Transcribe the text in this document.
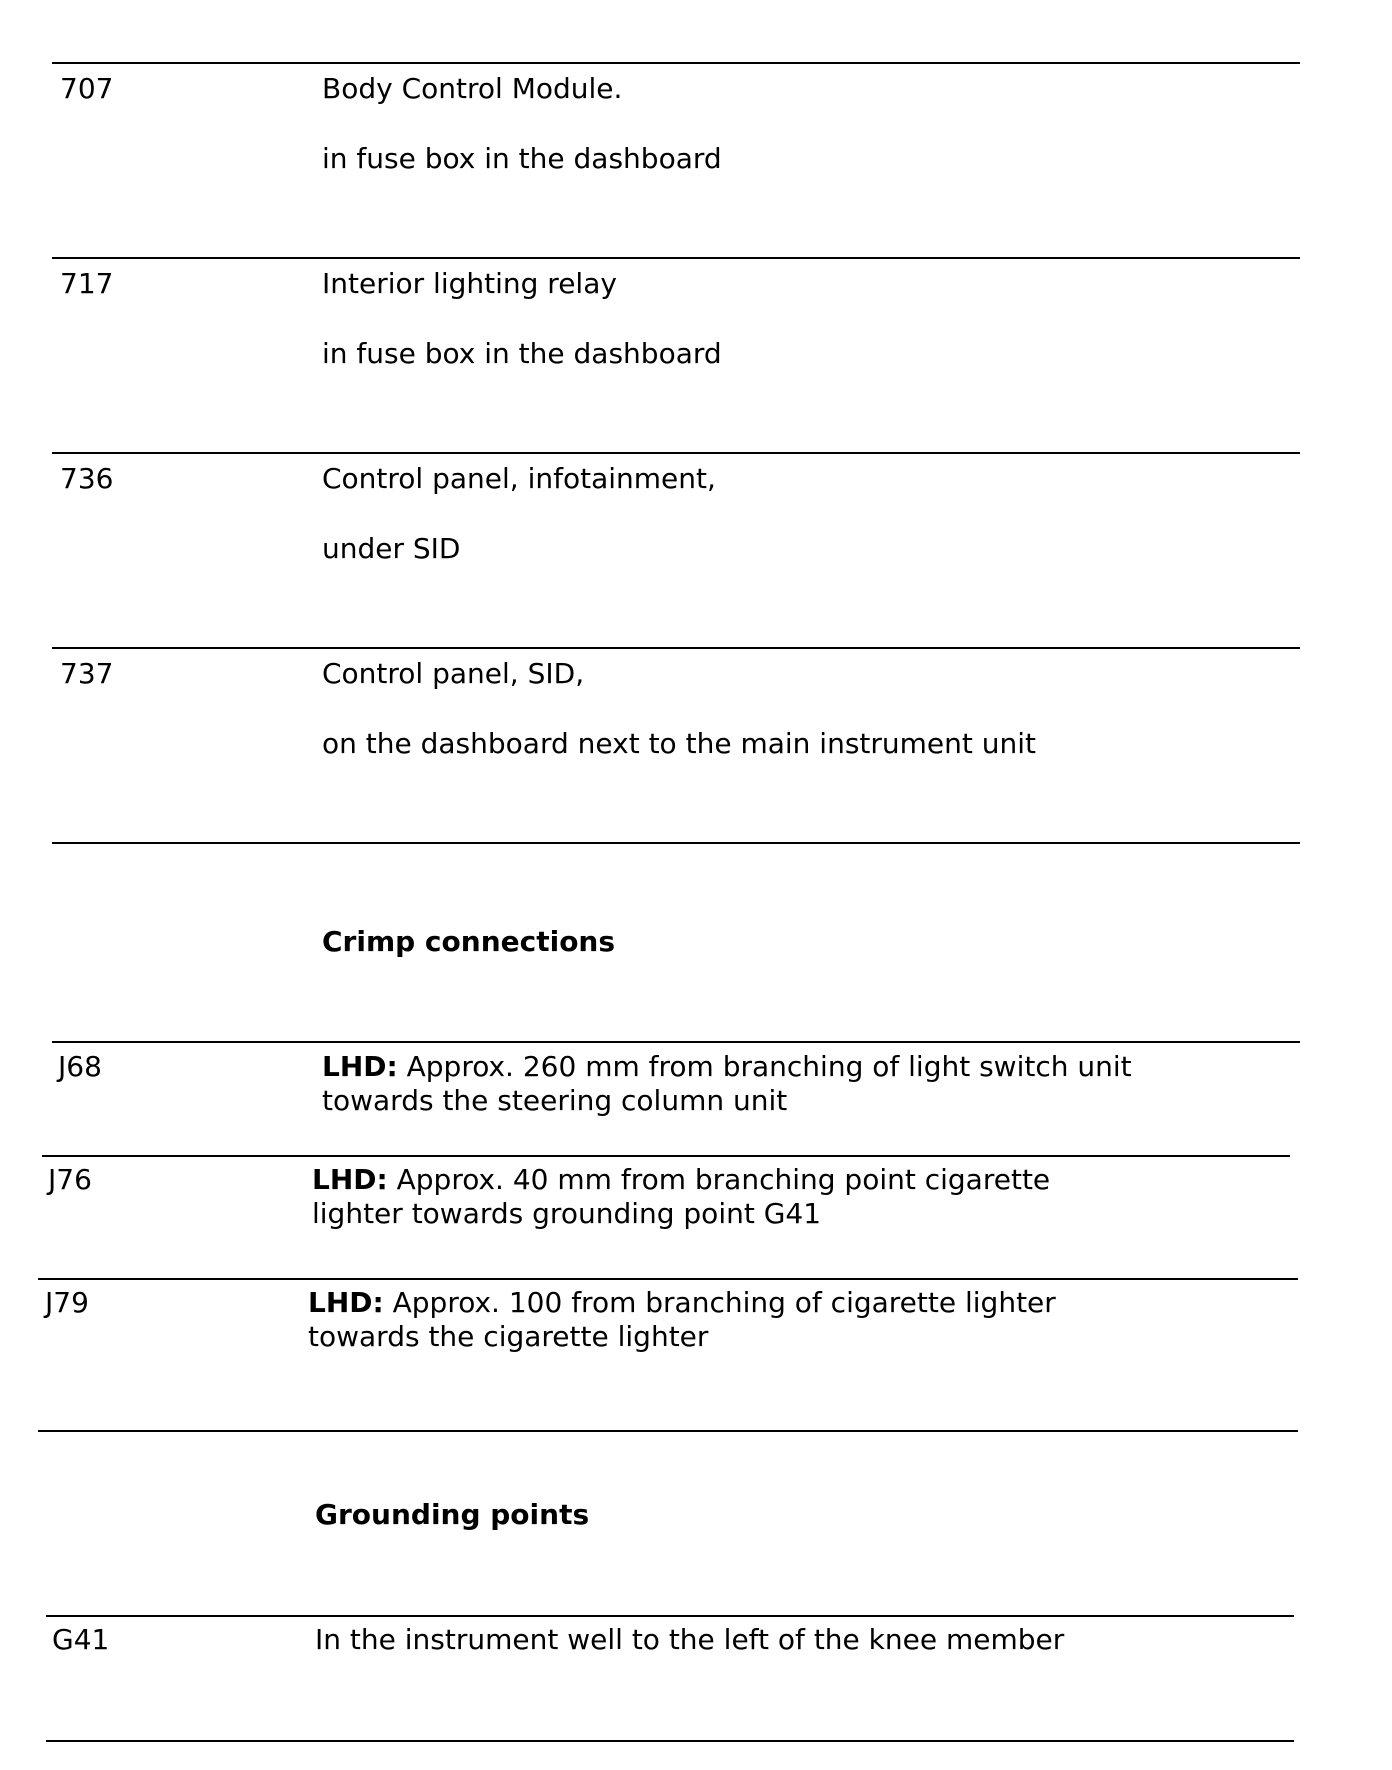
707	Body Control Module.
in fuse box in the dashboard
717	Interior lighting relay
in fuse box in the dashboard
736	Control panel, infotainment,
under SID
737	Control panel, SID,
on the dashboard next to the main instrument unit
Crimp connections
J68	LHD: Approx. 260 mm from branching of light switch unit
towards the steering column unit
J76	LHD: Approx. 40 mm from branching point cigarette
lighter towards grounding point G41
J79	LHD: Approx. 100 from branching of cigarette lighter
towards the cigarette lighter
Grounding points
G41	In the instrument well to the left of the knee member
